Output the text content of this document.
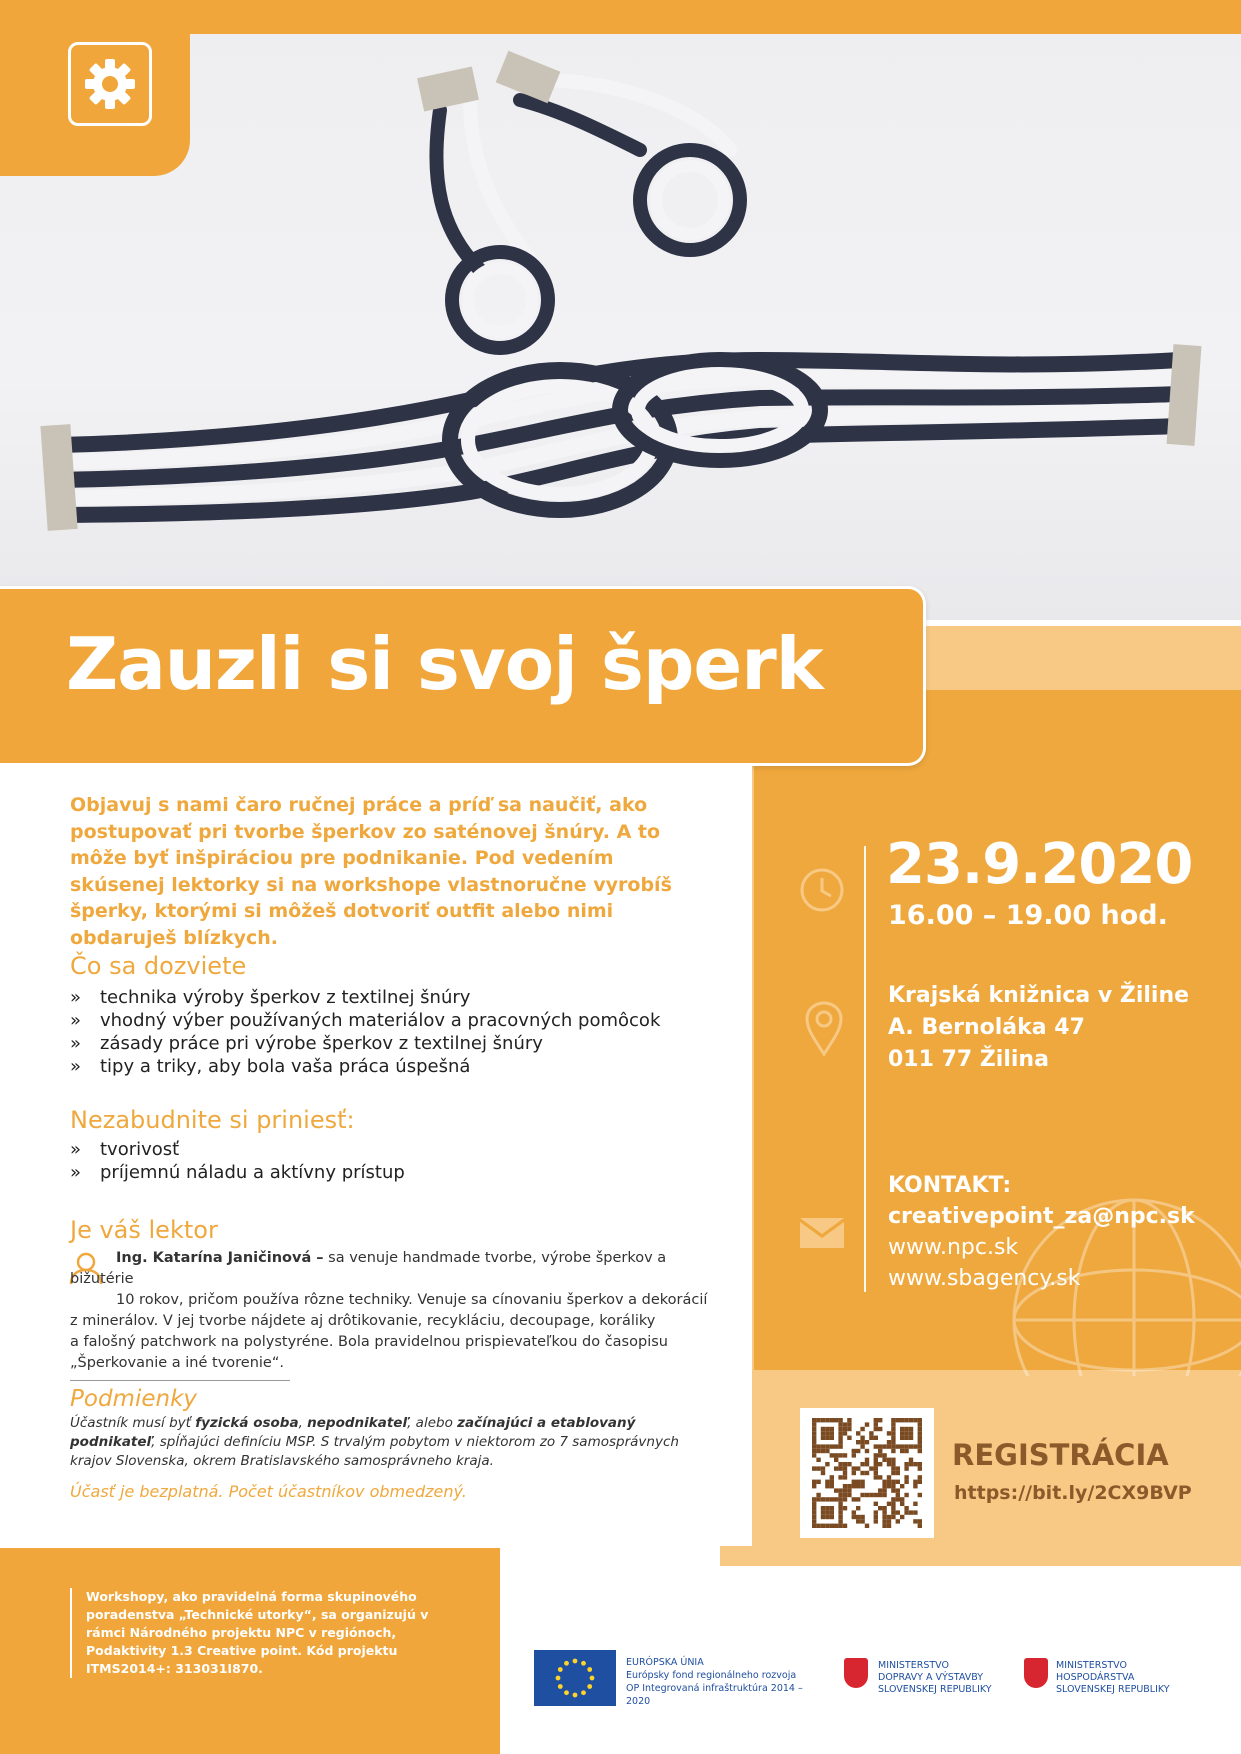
Zauzli si svoj šperk
Objavuj s nami čaro ručnej práce a príď sa naučiť, ako postupovať pri tvorbe šperkov zo saténovej šnúry. A to môže byť inšpiráciou pre podnikanie. Pod vedením skúsenej lektorky si na workshope vlastnoručne vyrobíš šperky, ktorými si môžeš dotvoriť outfit alebo nimi obdaruješ blízkych.
Čo sa dozviete
» technika výroby šperkov z textilnej šnúry
» vhodný výber používaných materiálov a pracovných pomôcok
» zásady práce pri výrobe šperkov z textilnej šnúry
» tipy a triky, aby bola vaša práca úspešná
Nezabudnite si priniesť:
» tvorivosť
» príjemnú náladu a aktívny prístup
Je váš lektor
Ing. Katarína Janičinová – sa venuje handmade tvorbe, výrobe šperkov a bižutérie
10 rokov, pričom používa rôzne techniky. Venuje sa cínovaniu šperkov a dekorácií
z minerálov. V jej tvorbe nájdete aj drôtikovanie, recykláciu, decoupage, koráliky
a falošný patchwork na polystyréne. Bola pravidelnou prispievateľkou do časopisu
„Šperkovanie a iné tvorenie“.
Podmienky
Účastník musí byť fyzická osoba, nepodnikateľ, alebo začínajúci a etablovaný podnikateľ, spĺňajúci definíciu MSP. S trvalým pobytom v niektorom zo 7 samosprávnych krajov Slovenska, okrem Bratislavského samosprávneho kraja.
Účasť je bezplatná. Počet účastníkov obmedzený.
23.9.2020
16.00 – 19.00 hod.
Krajská knižnica v Žiline
A. Bernoláka 47
011 77 Žilina
KONTAKT:
creativepoint_za@npc.sk
www.npc.sk
www.sbagency.sk
REGISTRÁCIA
https://bit.ly/2CX9BVP
Workshopy, ako pravidelná forma skupinového poradenstva „Technické utorky“, sa organizujú v rámci Národného projektu NPC v regiónoch, Podaktivity 1.3 Creative point. Kód projektu ITMS2014+: 313031I870.	EURÓPSKA ÚNIA
Európsky fond regionálneho rozvoja
OP Integrovaná infraštruktúra 2014 – 2020
MINISTERSTVO
DOPRAVY A VÝSTAVBY
SLOVENSKEJ REPUBLIKY
MINISTERSTVO
HOSPODÁRSTVA
SLOVENSKEJ REPUBLIKY
